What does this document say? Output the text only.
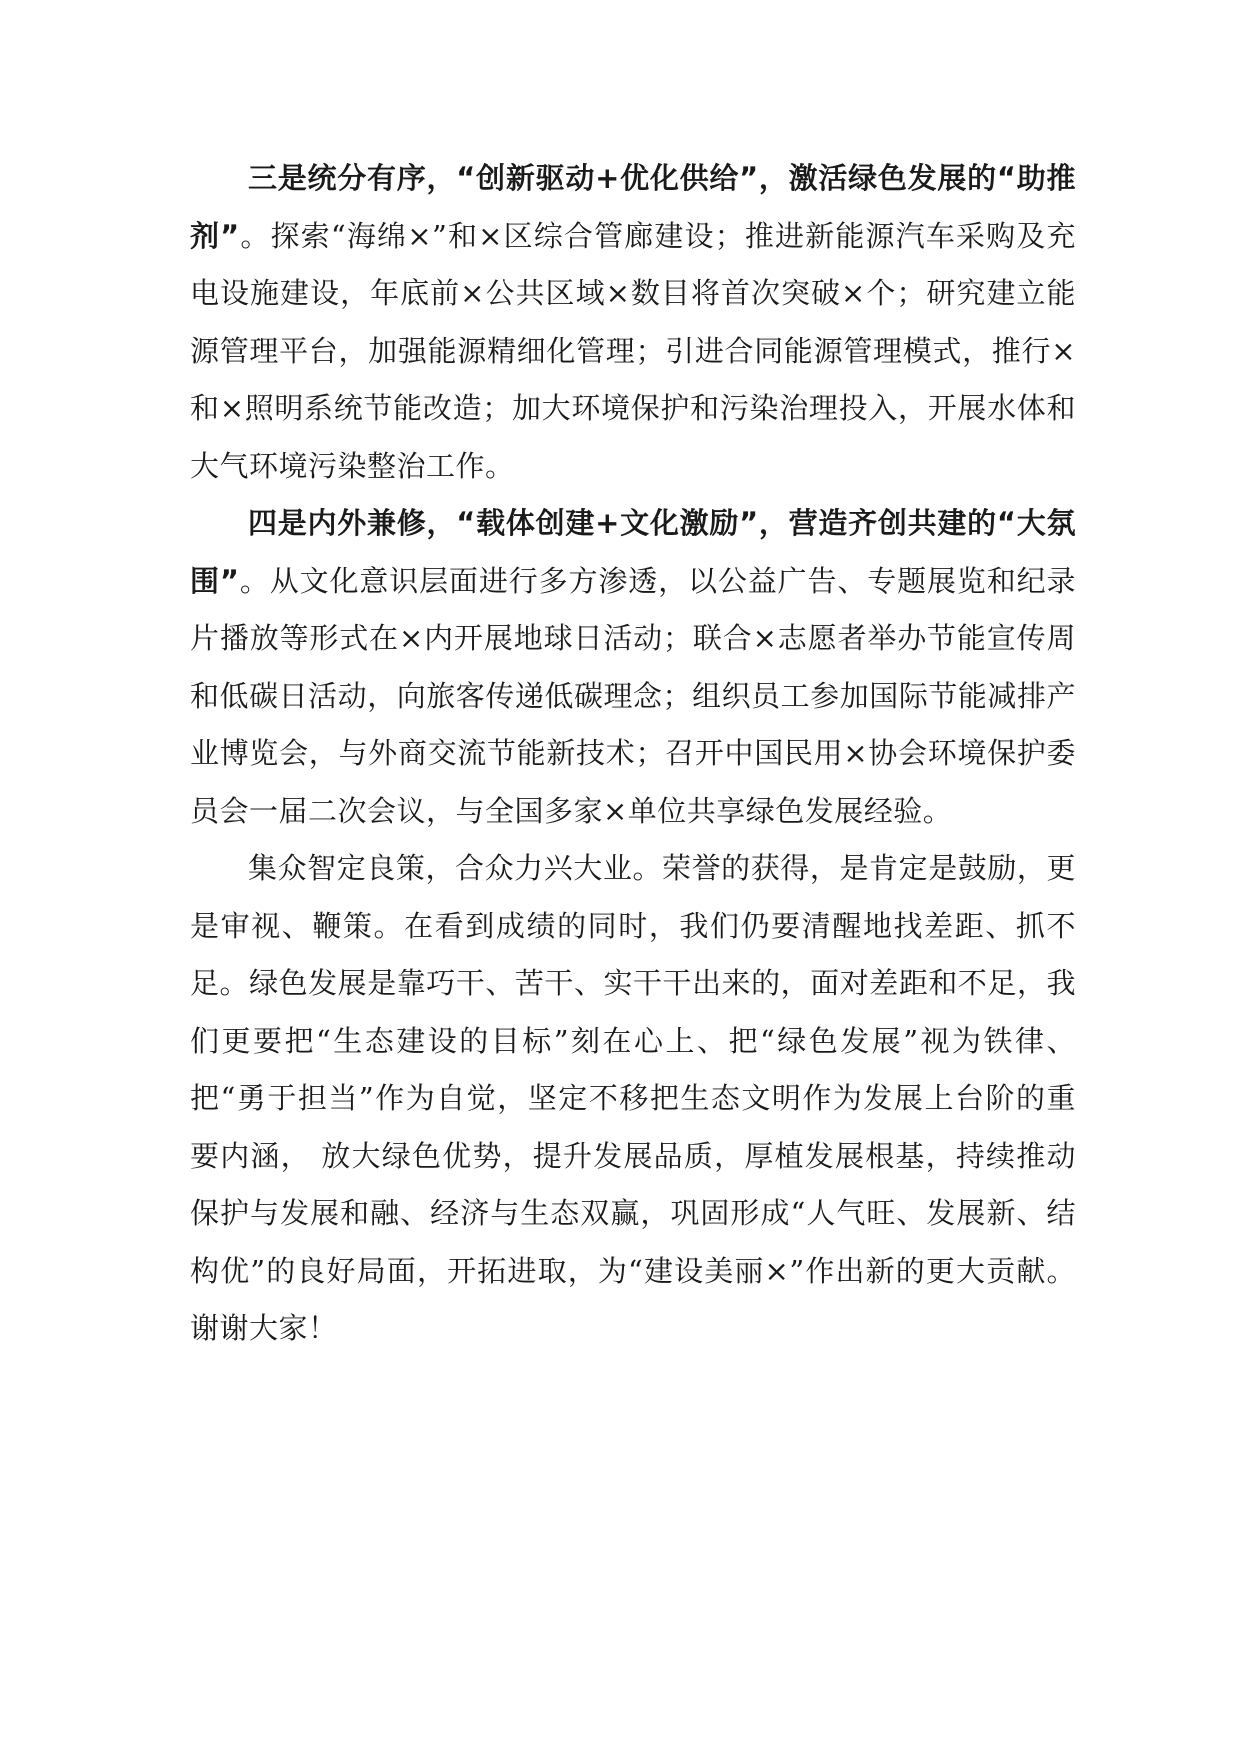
三是统分有序，“创新驱动+优化供给”，激活绿色发展的“助推剂”。探索“海绵×”和×区综合管廊建设；推进新能源汽车采购及充电设施建设，年底前×公共区域×数目将首次突破×个；研究建立能源管理平台，加强能源精细化管理；引进合同能源管理模式，推行×和×照明系统节能改造；加大环境保护和污染治理投入，开展水体和大气环境污染整治工作。

四是内外兼修，“载体创建+文化激励”，营造齐创共建的“大氛围”。从文化意识层面进行多方渗透，以公益广告、专题展览和纪录片播放等形式在×内开展地球日活动；联合×志愿者举办节能宣传周和低碳日活动，向旅客传递低碳理念；组织员工参加国际节能减排产业博览会，与外商交流节能新技术；召开中国民用×协会环境保护委员会一届二次会议，与全国多家×单位共享绿色发展经验。

集众智定良策，合众力兴大业。荣誉的获得，是肯定是鼓励，更是审视、鞭策。在看到成绩的同时，我们仍要清醒地找差距、抓不足。绿色发展是靠巧干、苦干、实干干出来的，面对差距和不足，我们更要把“生态建设的目标”刻在心上、把“绿色发展”视为铁律、把“勇于担当”作为自觉，坚定不移把生态文明作为发展上台阶的重要内涵， 放大绿色优势，提升发展品质，厚植发展根基，持续推动保护与发展和融、经济与生态双赢，巩固形成“人气旺、发展新、结构优”的良好局面，开拓进取，为“建设美丽×”作出新的更大贡献。谢谢大家！
